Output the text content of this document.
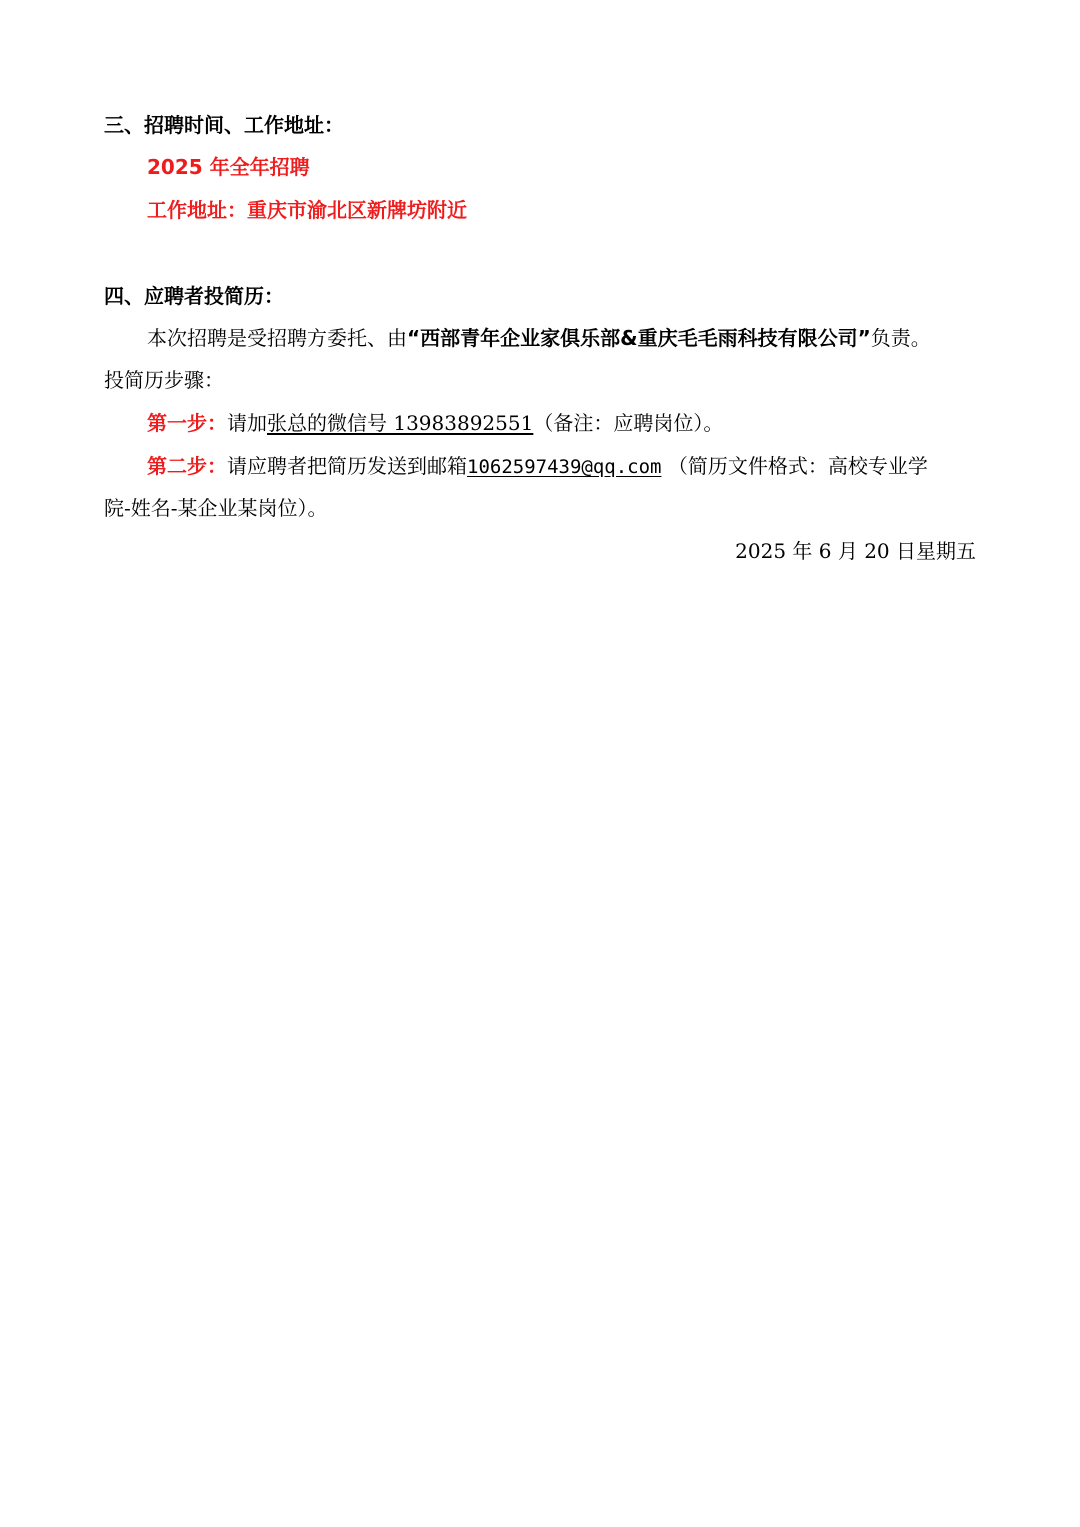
三、招聘时间、工作地址：
2025 年全年招聘
工作地址：重庆市渝北区新牌坊附近
四、应聘者投简历：
本次招聘是受招聘方委托、由“西部青年企业家俱乐部&重庆毛毛雨科技有限公司”负责。
投简历步骤：
第一步：请加张总的微信号 13983892551（备注：应聘岗位）。
第二步：请应聘者把简历发送到邮箱1062597439@qq.com （简历文件格式：高校专业学
院-姓名-某企业某岗位）。
2025 年 6 月 20 日星期五
